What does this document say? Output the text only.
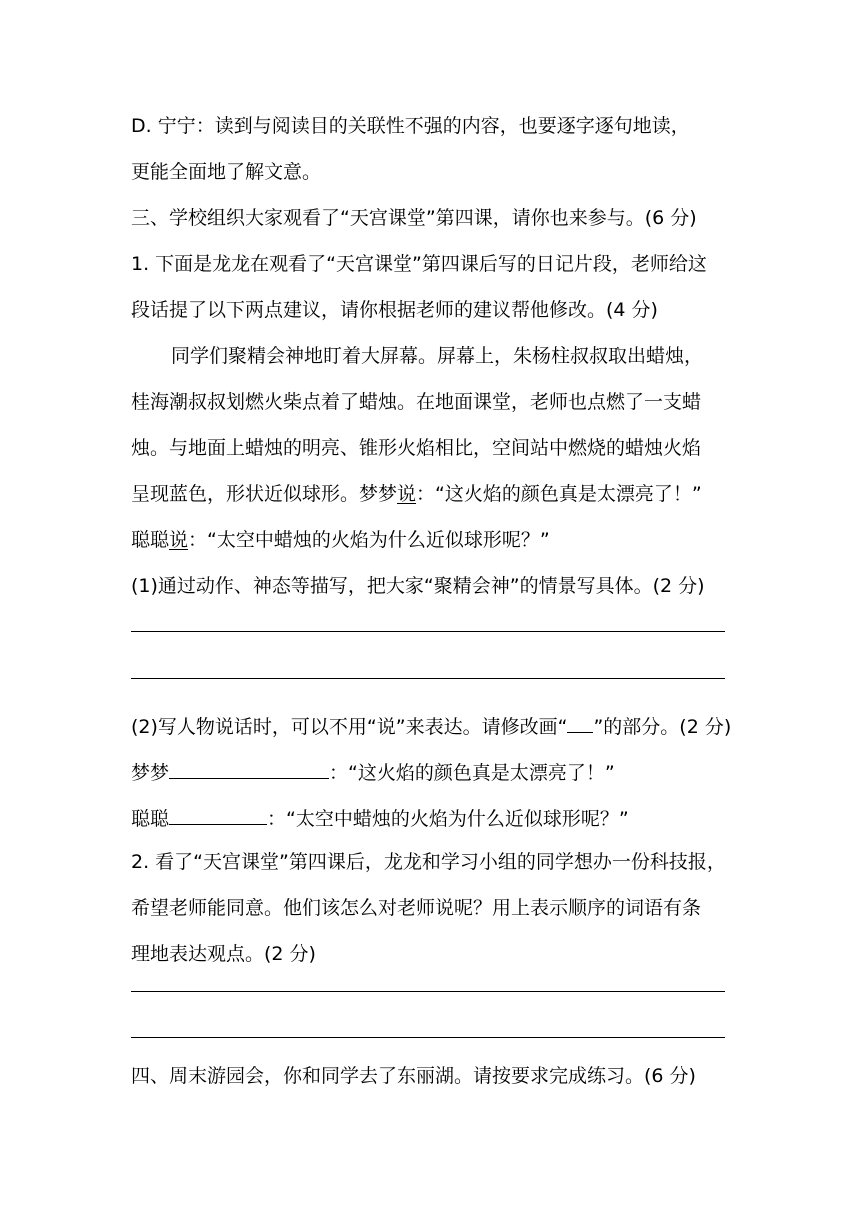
D. 宁宁：读到与阅读目的关联性不强的内容，也要逐字逐句地读，
更能全面地了解文意。
三、学校组织大家观看了“天宫课堂”第四课，请你也来参与。(6 分)
1. 下面是龙龙在观看了“天宫课堂”第四课后写的日记片段，老师给这
段话提了以下两点建议，请你根据老师的建议帮他修改。(4 分)
同学们聚精会神地盯着大屏幕。屏幕上，朱杨柱叔叔取出蜡烛，
桂海潮叔叔划燃火柴点着了蜡烛。在地面课堂，老师也点燃了一支蜡
烛。与地面上蜡烛的明亮、锥形火焰相比，空间站中燃烧的蜡烛火焰
呈现蓝色，形状近似球形。梦梦说：“这火焰的颜色真是太漂亮了！”
聪聪说：“太空中蜡烛的火焰为什么近似球形呢？”
(1)通过动作、神态等描写，把大家“聚精会神”的情景写具体。(2 分)
(2)写人物说话时，可以不用“说”来表达。请修改画“ ”的部分。(2 分)
梦梦	：“这火焰的颜色真是太漂亮了！”
聪聪	：“太空中蜡烛的火焰为什么近似球形呢？”
2. 看了“天宫课堂”第四课后，龙龙和学习小组的同学想办一份科技报，
希望老师能同意。他们该怎么对老师说呢？用上表示顺序的词语有条
理地表达观点。(2 分)
四、周末游园会，你和同学去了东丽湖。请按要求完成练习。(6 分)
